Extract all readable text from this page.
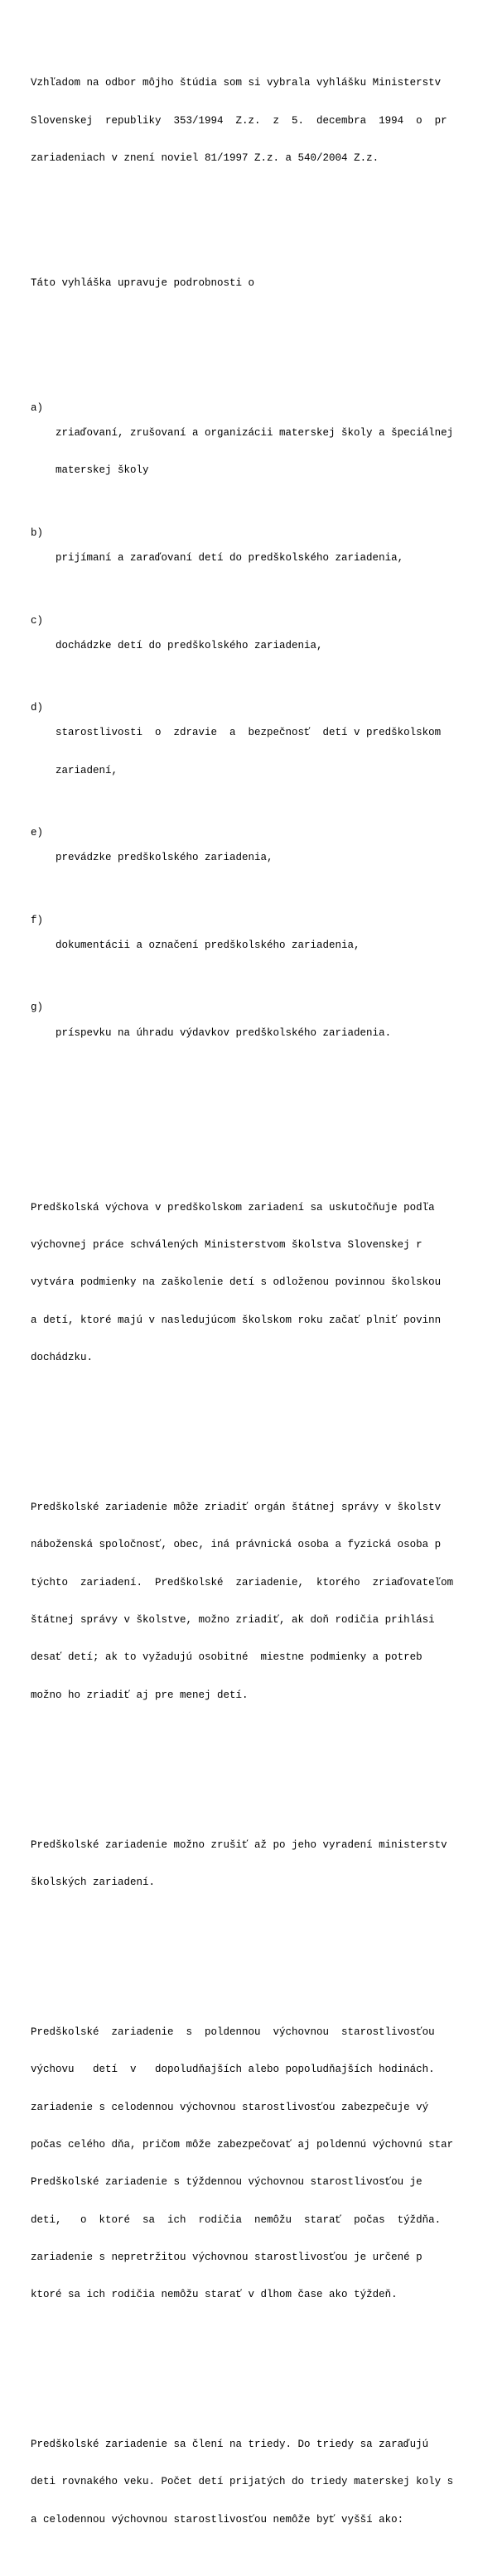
Vzhľadom na odbor môjho štúdia som si vybrala vyhlášku Ministerstv

Slovenskej  republiky  353/1994  Z.z.  z  5.  decembra  1994  o  pr

zariadeniach v znení noviel 81/1997 Z.z. a 540/2004 Z.z.

Táto vyhláška upravuje podrobnosti o

a)

zriaďovaní, zrušovaní a organizácii materskej školy a špeciálnej

materskej školy

b)

prijímaní a zaraďovaní detí do predškolského zariadenia,

c)

dochádzke detí do predškolského zariadenia,

d)

starostlivosti  o  zdravie  a  bezpečnosť  detí v predškolskom

zariadení,

e)

prevádzke predškolského zariadenia,

f)

dokumentácii a označení predškolského zariadenia,

g)

príspevku na úhradu výdavkov predškolského zariadenia.

Predškolská výchova v predškolskom zariadení sa uskutočňuje podľa

výchovnej práce schválených Ministerstvom školstva Slovenskej r

vytvára podmienky na zaškolenie detí s odloženou povinnou školskou

a detí, ktoré majú v nasledujúcom školskom roku začať plniť povinn

dochádzku.

Predškolské zariadenie môže zriadiť orgán štátnej správy v školstv

náboženská spoločnosť, obec, iná právnická osoba a fyzická osoba p

týchto  zariadení.  Predškolské  zariadenie,  ktorého  zriaďovateľom

štátnej správy v školstve, možno zriadiť, ak doň rodičia prihlási

desať detí; ak to vyžadujú osobitné  miestne podmienky a potreb

možno ho zriadiť aj pre menej detí.

Predškolské zariadenie možno zrušiť až po jeho vyradení ministerstv

školských zariadení.

Predškolské  zariadenie  s  poldennou  výchovnou  starostlivosťou

výchovu   detí  v   dopoludňajších alebo popoludňajších hodinách.

zariadenie s celodennou výchovnou starostlivosťou zabezpečuje vý

počas celého dňa, pričom môže zabezpečovať aj poldennú výchovnú star

Predškolské zariadenie s týždennou výchovnou starostlivosťou je

deti,   o  ktoré  sa  ich  rodičia  nemôžu  starať  počas  týždňa.

zariadenie s nepretržitou výchovnou starostlivosťou je určené p

ktoré sa ich rodičia nemôžu starať v dlhom čase ako týždeň.

Predškolské zariadenie sa člení na triedy. Do triedy sa zaraďujú

deti rovnakého veku. Počet detí prijatých do triedy materskej koly s

a celodennou výchovnou starostlivosťou nemôže byť vyšší ako:
